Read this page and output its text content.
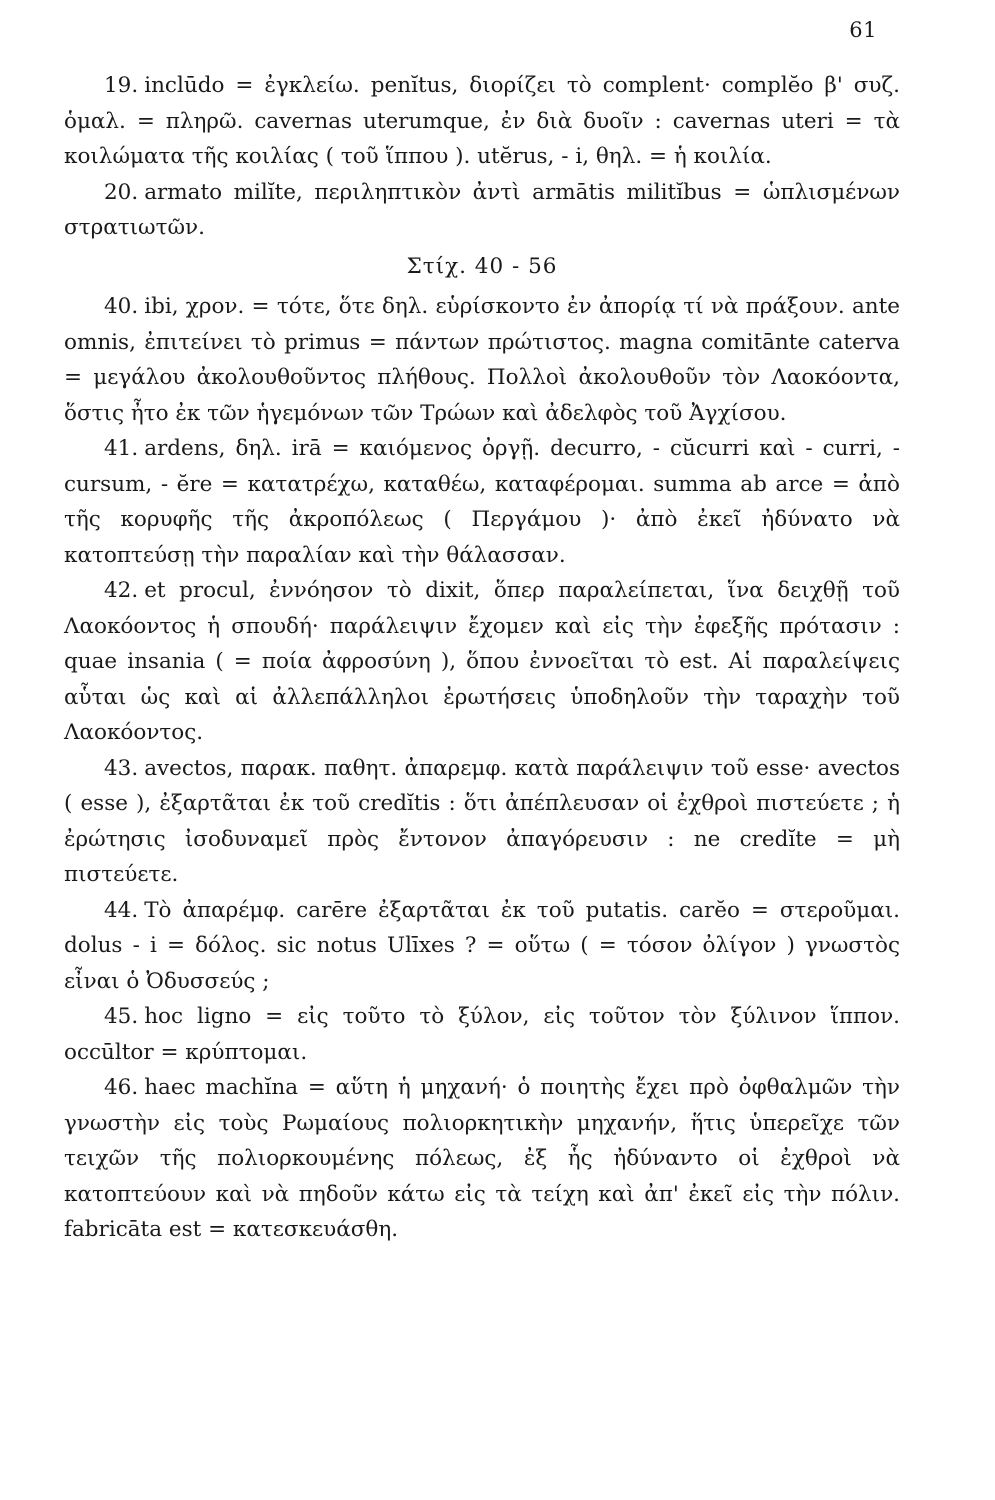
61

19. inclūdo = ἐγκλείω. penĭtus, διορίζει τὸ complent· complĕo β' συζ. ὁμαλ. = πληρῶ. cavernas uterumque, ἐν διὰ δυοῖν : cavernas uteri = τὰ κοιλώματα τῆς κοιλίας ( τοῦ ἵππου ). utĕrus, - i, θηλ. = ἡ κοιλία.

20. armato milĭte, περιληπτικὸν ἀντὶ armātis militĭbus = ὡπλισμένων στρατιωτῶν.

Στίχ. 40 - 56

40. ibi, χρον. = τότε, ὅτε δηλ. εὑρίσκοντο ἐν ἀπορίᾳ τί νὰ πράξουν. ante omnis, ἐπιτείνει τὸ primus = πάντων πρώτιστος. magna comitānte caterva = μεγάλου ἀκολουθοῦντος πλήθους. Πολλοὶ ἀκολουθοῦν τὸν Λαοκόοντα, ὅστις ἦτο ἐκ τῶν ἡγεμόνων τῶν Τρώων καὶ ἀδελφὸς τοῦ Ἀγχίσου.

41. ardens, δηλ. irā = καιόμενος ὀργῇ. decurro, - cŭcurri καὶ - curri, - cursum, - ĕre = κατατρέχω, καταθέω, καταφέρομαι. summa ab arce = ἀπὸ τῆς κορυφῆς τῆς ἀκροπόλεως ( Περγάμου )· ἀπὸ ἐκεῖ ἠδύνατο νὰ κατοπτεύσῃ τὴν παραλίαν καὶ τὴν θάλασσαν.

42. et procul, ἐννόησον τὸ dixit, ὅπερ παραλείπεται, ἵνα δειχθῇ τοῦ Λαοκόοντος ἡ σπουδή· παράλειψιν ἔχομεν καὶ εἰς τὴν ἐφεξῆς πρότασιν : quae insania ( = ποία ἀφροσύνη ), ὅπου ἐννοεῖται τὸ est. Αἱ παραλείψεις αὗται ὡς καὶ αἱ ἀλλεπάλληλοι ἐρωτήσεις ὑποδηλοῦν τὴν ταραχὴν τοῦ Λαοκόοντος.

43. avectos, παρακ. παθητ. ἀπαρεμφ. κατὰ παράλειψιν τοῦ esse· avectos ( esse ), ἐξαρτᾶται ἐκ τοῦ credĭtis : ὅτι ἀπέπλευσαν οἱ ἐχθροὶ πιστεύετε ; ἡ ἐρώτησις ἰσοδυναμεῖ πρὸς ἔντονον ἀπαγόρευσιν : ne credĭte = μὴ πιστεύετε.

44. Τὸ ἀπαρέμφ. carēre ἐξαρτᾶται ἐκ τοῦ putatis. carĕo = στεροῦμαι. dolus - i = δόλος. sic notus Ulīxes ? = οὕτω ( = τόσον ὀλίγον ) γνωστὸς εἶναι ὁ Ὀδυσσεύς ;

45. hoc ligno = εἰς τοῦτο τὸ ξύλον, εἰς τοῦτον τὸν ξύλινον ἵππον. occūltor = κρύπτομαι.

46. haec machĭna = αὕτη ἡ μηχανή· ὁ ποιητὴς ἔχει πρὸ ὀφθαλμῶν τὴν γνωστὴν εἰς τοὺς Ρωμαίους πολιορκητικὴν μηχανήν, ἥτις ὑπερεῖχε τῶν τειχῶν τῆς πολιορκουμένης πόλεως, ἐξ ἧς ἠδύναντο οἱ ἐχθροὶ νὰ κατοπτεύουν καὶ νὰ πηδοῦν κάτω εἰς τὰ τείχη καὶ ἀπ' ἐκεῖ εἰς τὴν πόλιν. fabricāta est = κατεσκευάσθη.
